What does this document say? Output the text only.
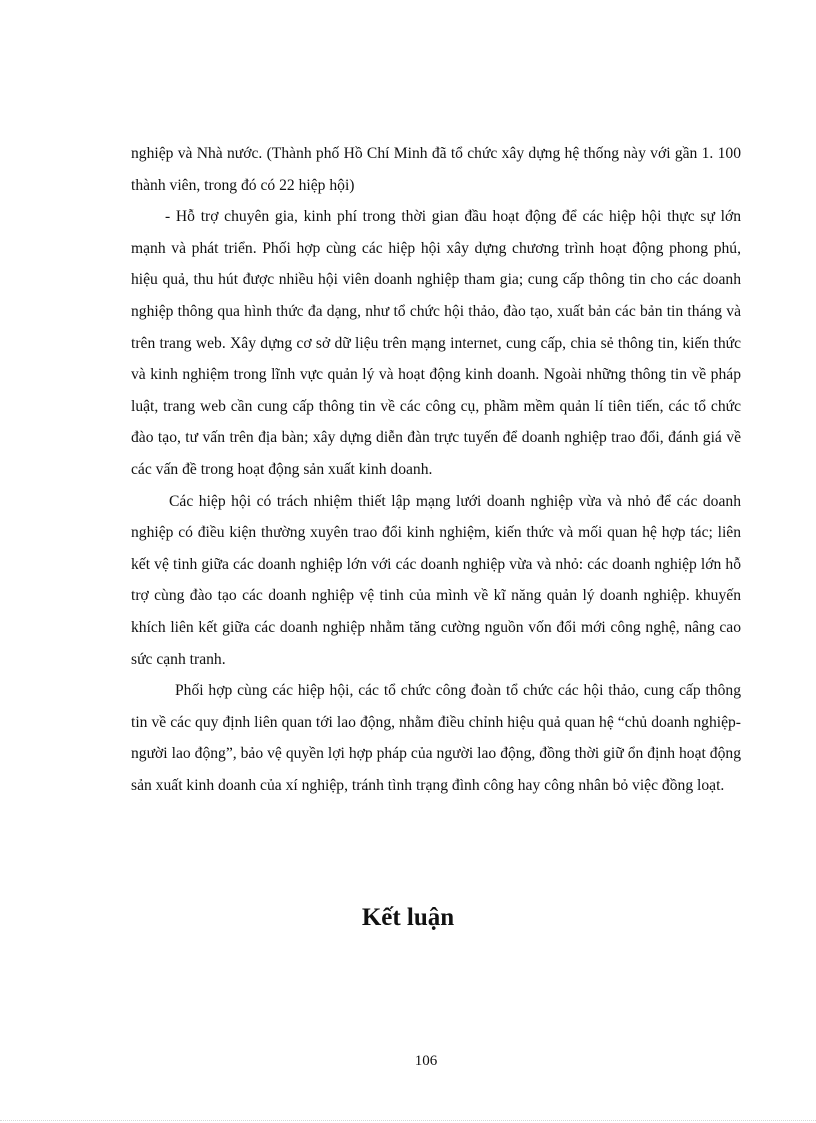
nghiệp và Nhà nước. (Thành phố Hồ Chí Minh đã tổ chức xây dựng hệ thống này với gần 1. 100 thành viên, trong đó có 22 hiệp hội)

- Hỗ trợ chuyên gia, kinh phí trong thời gian đầu hoạt động để các hiệp hội thực sự lớn mạnh và phát triển. Phối hợp cùng các hiệp hội xây dựng chương trình hoạt động phong phú, hiệu quả, thu hút được nhiều hội viên doanh nghiệp tham gia; cung cấp thông tin cho các doanh nghiệp thông qua hình thức đa dạng, như tổ chức hội thảo, đào tạo, xuất bản các bản tin tháng và trên trang web. Xây dựng cơ sở dữ liệu trên mạng internet, cung cấp, chia sẻ thông tin, kiến thức và kinh nghiệm trong lĩnh vực quản lý và hoạt động kinh doanh. Ngoài những thông tin về pháp luật, trang web cần cung cấp thông tin về các công cụ, phầm mềm quản lí tiên tiến, các tổ chức đào tạo, tư vấn trên địa bàn; xây dựng diễn đàn trực tuyến để doanh nghiệp trao đổi, đánh giá về các vấn đề trong hoạt động sản xuất kinh doanh.

Các hiệp hội có trách nhiệm thiết lập mạng lưới doanh nghiệp vừa và nhỏ để các doanh nghiệp có điều kiện thường xuyên trao đổi kinh nghiệm, kiến thức và mối quan hệ hợp tác; liên kết vệ tinh giữa các doanh nghiệp lớn với các doanh nghiệp vừa và nhỏ: các doanh nghiệp lớn hỗ trợ cùng đào tạo các doanh nghiệp vệ tinh của mình về kĩ năng quản lý doanh nghiệp. khuyến khích liên kết giữa các doanh nghiệp nhằm tăng cường nguồn vốn đổi mới công nghệ, nâng cao sức cạnh tranh.

Phối hợp cùng các hiệp hội, các tổ chức công đoàn tổ chức các hội thảo, cung cấp thông tin về các quy định liên quan tới lao động, nhằm điều chỉnh hiệu quả quan hệ “chủ doanh nghiệp- người lao động”, bảo vệ quyền lợi hợp pháp của người lao động, đồng thời giữ ổn định hoạt động sản xuất kinh doanh của xí nghiệp, tránh tình trạng đình công hay công nhân bỏ việc đồng loạt.

Kết luận
106
